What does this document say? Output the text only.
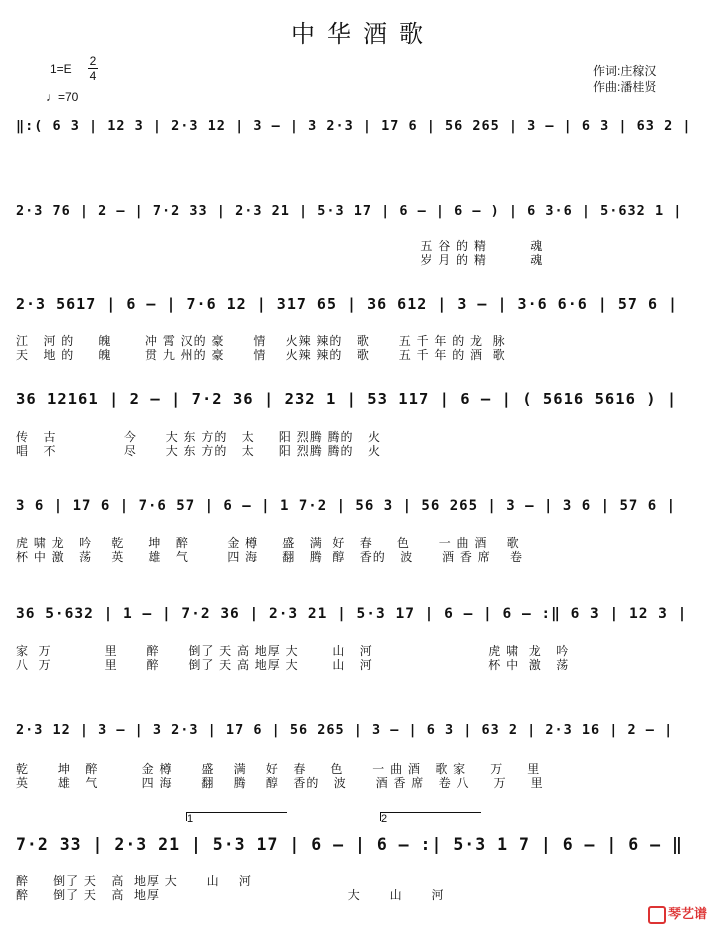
中华酒歌
1=E
2
4
♩=70
作词:庄稼汉
作曲:潘桂贤
‖:( 6 3 | 12 3 | 2·3 12 | 3 – | 3 2·3 | 17 6 | 56 265 | 3 – | 6 3 | 63 2 |
2·3 76 | 2 – | 7·2 33 | 2·3 21 | 5·3 17 | 6 – | 6 – ) | 6 3·6 | 5·632 1 |
五 谷 的 精         魂
岁 月 的 精         魂
2·3 5617 | 6 – | 7·6 12 | 317 65 | 36 612 | 3 – | 3·6 6·6 | 57 6 |
江   河 的     魄       冲 霄 汉的 豪      情    火辣 辣的   歌      五 千 年 的 龙  脉
天   地 的     魄       贯 九 州的 豪      情    火辣 辣的   歌      五 千 年 的 酒  歌
36 12161 | 2 – | 7·2 36 | 232 1 | 53 117 | 6 – | ( 5616 5616 ) |
传   古              今      大 东 方的   太     阳 烈腾 腾的   火
唱   不              尽      大 东 方的   太     阳 烈腾 腾的   火
3 6 | 17 6 | 7·6 57 | 6 – | 1 7·2 | 56 3 | 56 265 | 3 – | 3 6 | 57 6 |
虎 啸 龙   吟    乾     坤   醉        金 樽     盛   满  好   春     色      一 曲 酒    歌
杯 中 激   荡    英     雄   气        四 海     翻   腾  醇   香的   波      酒 香 席    卷
36 5·632 | 1 – | 7·2 36 | 2·3 21 | 5·3 17 | 6 – | 6 – :‖ 6 3 | 12 3 |
家  万           里      醉      倒了 天 高 地厚 大       山   河                        虎 啸  龙   吟
八  万           里      醉      倒了 天 高 地厚 大       山   河                        杯 中  激   荡
2·3 12 | 3 – | 3 2·3 | 17 6 | 56 265 | 3 – | 6 3 | 63 2 | 2·3 16 | 2 – |
乾      坤   醉         金 樽      盛    满    好   春     色      一 曲 酒   歌 家     万     里
英      雄   气         四 海      翻    腾    醇   香的   波      酒 香 席   卷 八     万     里
1	2
7·2 33 | 2·3 21 | 5·3 17 | 6 – | 6 – :| 5·3 1 7 | 6 – | 6 – ‖
醉     倒了 天   高  地厚 大      山    河
醉     倒了 天   高  地厚                                       大      山      河
琴艺谱
